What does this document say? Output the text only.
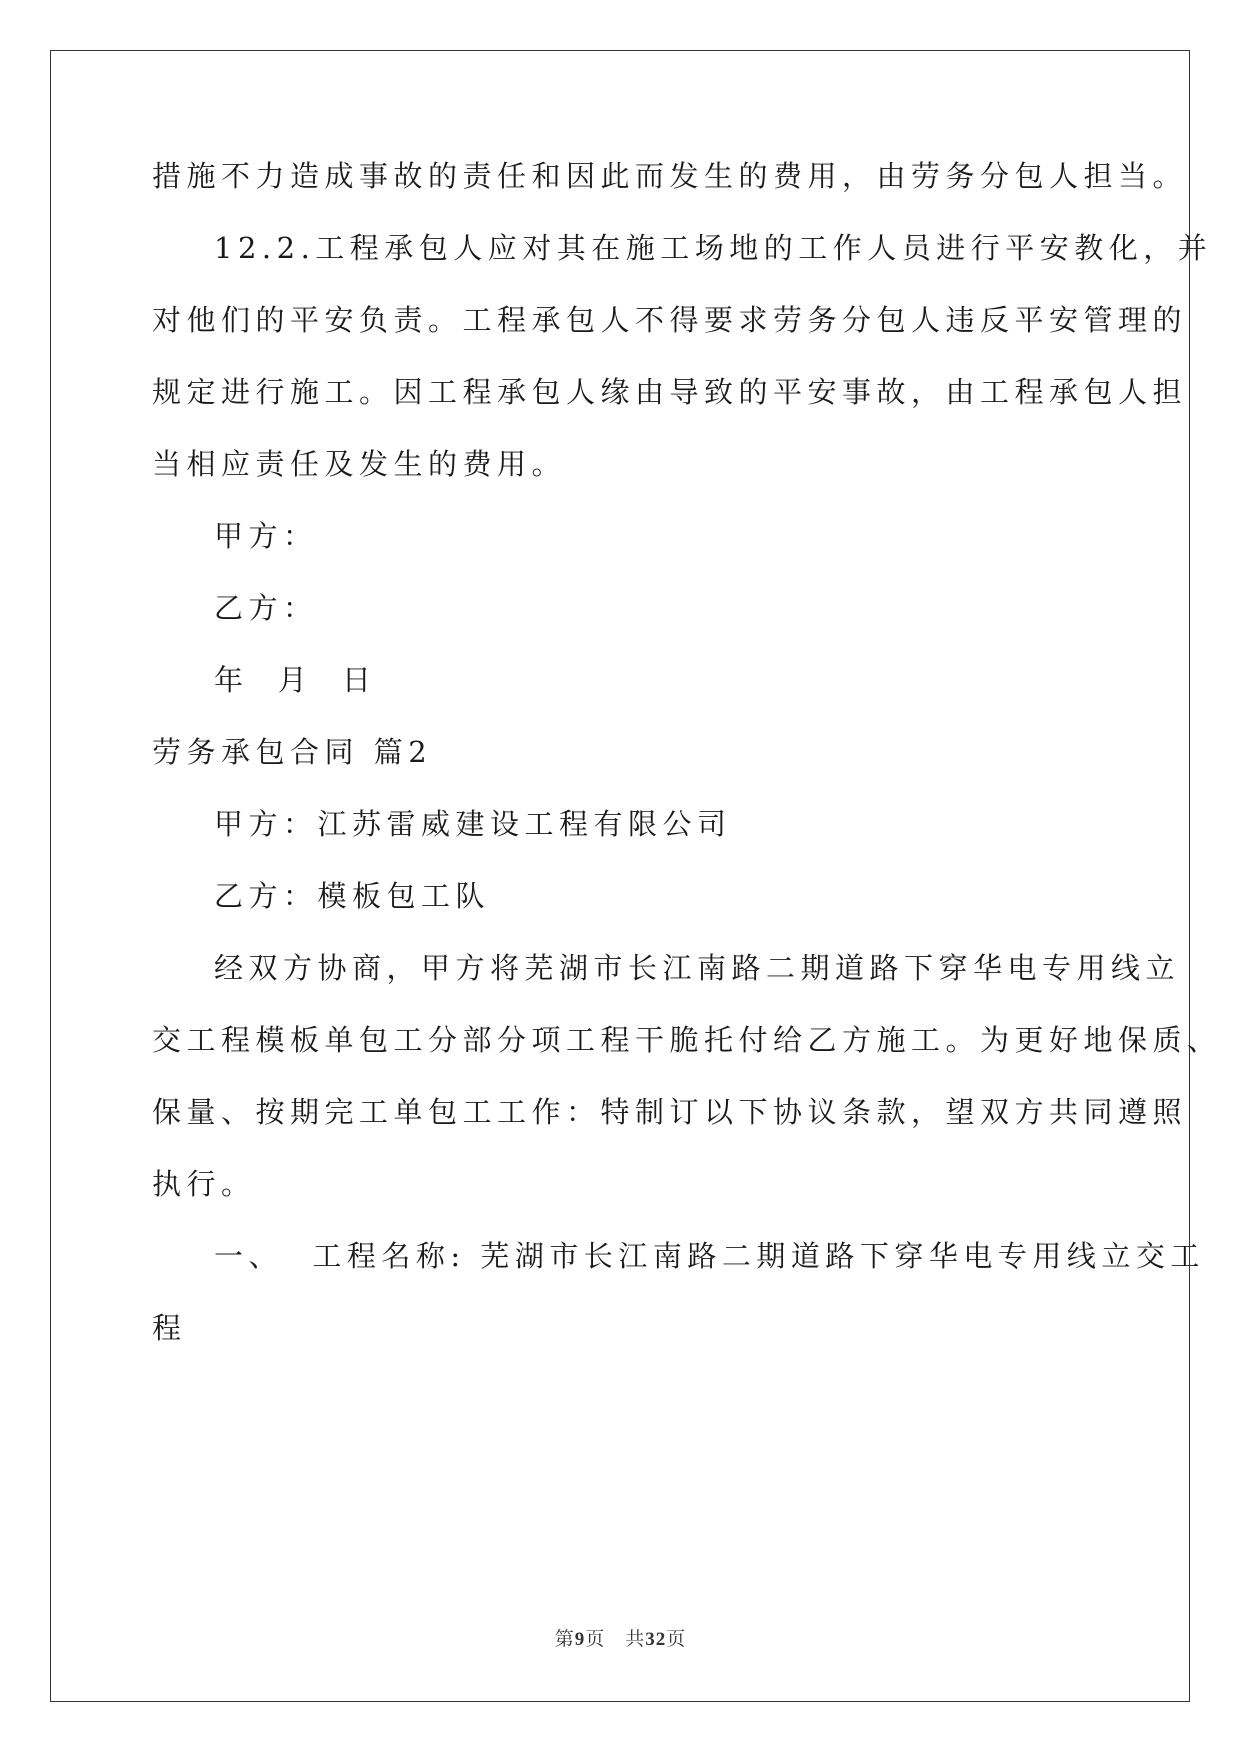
措施不力造成事故的责任和因此而发生的费用，由劳务分包人担当。
12.2.工程承包人应对其在施工场地的工作人员进行平安教化，并
对他们的平安负责。工程承包人不得要求劳务分包人违反平安管理的
规定进行施工。因工程承包人缘由导致的平安事故，由工程承包人担
当相应责任及发生的费用。
甲方：
乙方：
年  月  日
劳务承包合同 篇2
甲方：江苏雷威建设工程有限公司
乙方：模板包工队
经双方协商，甲方将芜湖市长江南路二期道路下穿华电专用线立
交工程模板单包工分部分项工程干脆托付给乙方施工。为更好地保质、
保量、按期完工单包工工作：特制订以下协议条款，望双方共同遵照
执行。
一、  工程名称: 芜湖市长江南路二期道路下穿华电专用线立交工
程
第9页　共32页
